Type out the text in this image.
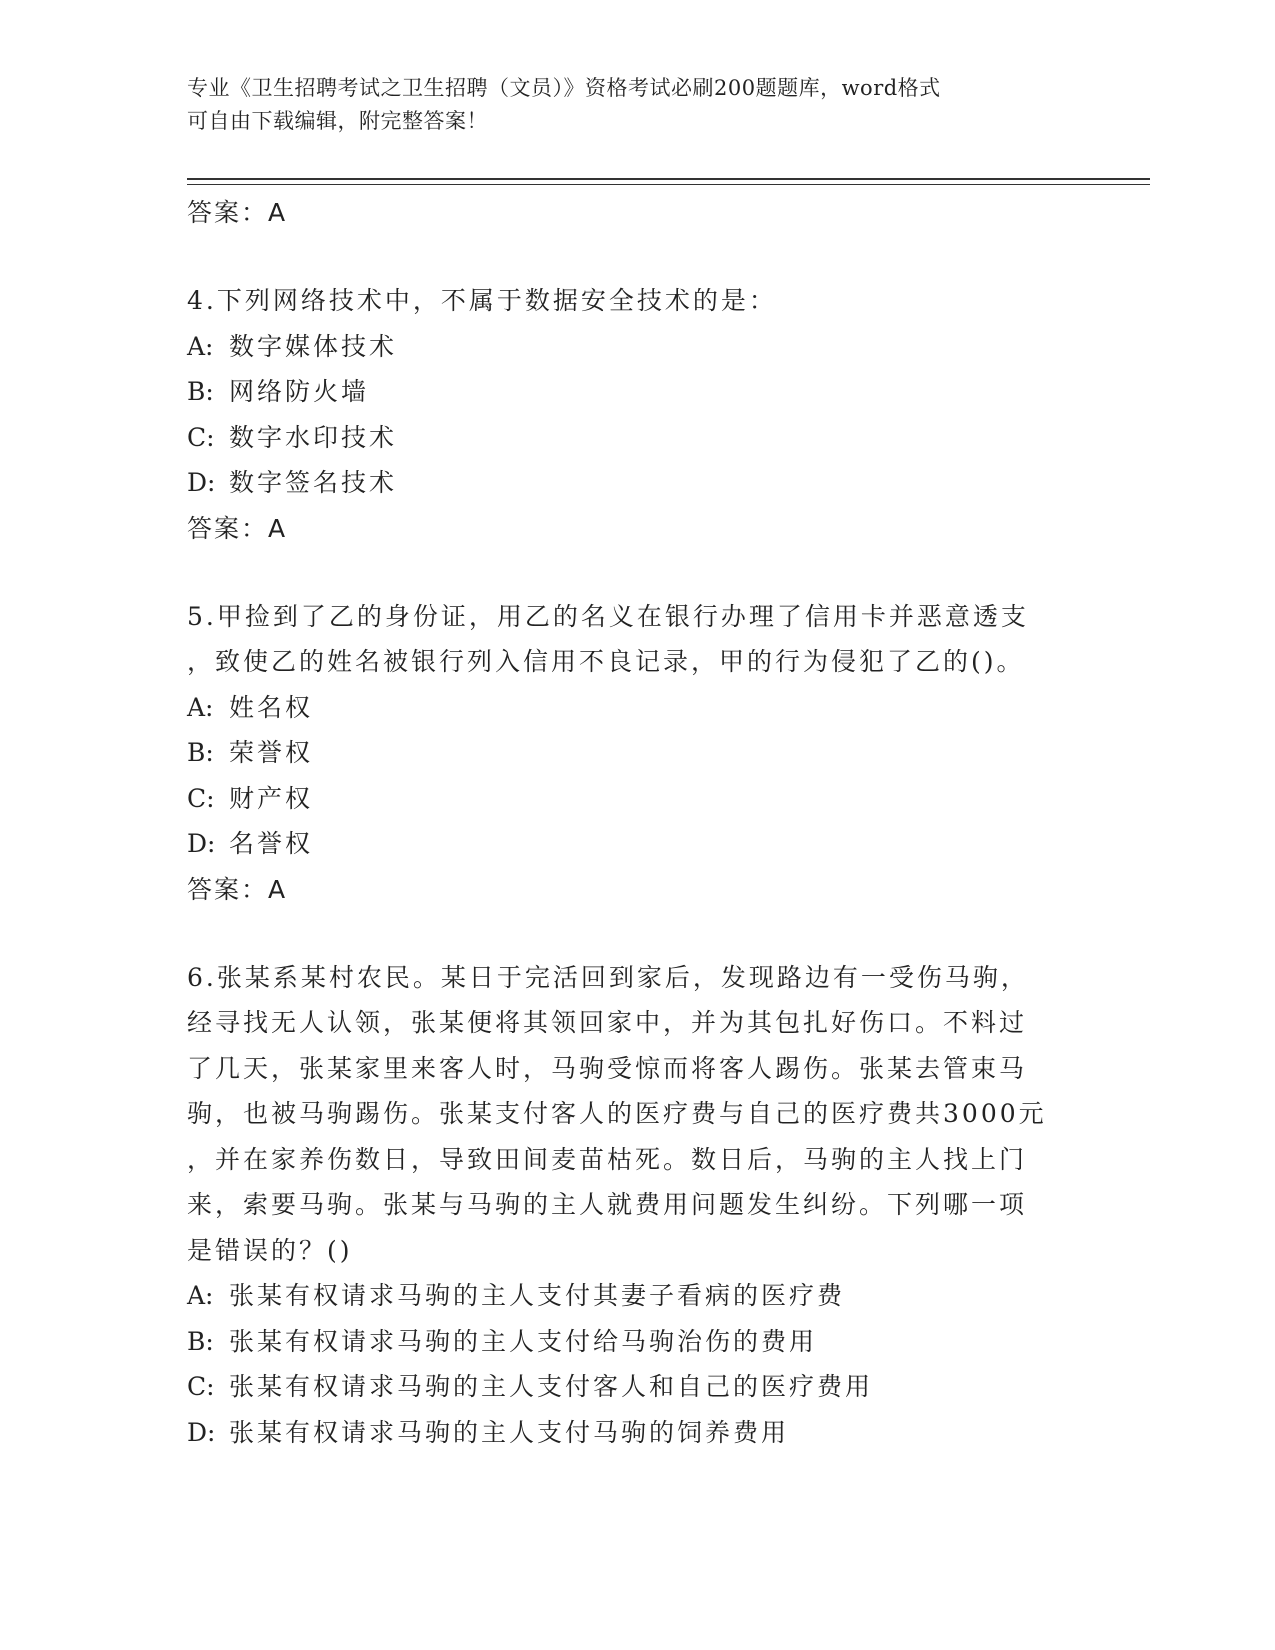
专业《卫生招聘考试之卫生招聘（文员）》资格考试必刷200题题库，word格式
可自由下载编辑，附完整答案！
答案：A
4.下列网络技术中，不属于数据安全技术的是：
A: 数字媒体技术
B: 网络防火墙
C: 数字水印技术
D: 数字签名技术
答案：A
5.甲捡到了乙的身份证，用乙的名义在银行办理了信用卡并恶意透支
，致使乙的姓名被银行列入信用不良记录，甲的行为侵犯了乙的()。
A: 姓名权
B: 荣誉权
C: 财产权
D: 名誉权
答案：A
6.张某系某村农民。某日于完活回到家后，发现路边有一受伤马驹，
经寻找无人认领，张某便将其领回家中，并为其包扎好伤口。不料过
了几天，张某家里来客人时，马驹受惊而将客人踢伤。张某去管束马
驹，也被马驹踢伤。张某支付客人的医疗费与自己的医疗费共3000元
，并在家养伤数日，导致田间麦苗枯死。数日后，马驹的主人找上门
来，索要马驹。张某与马驹的主人就费用问题发生纠纷。下列哪一项
是错误的？()
A: 张某有权请求马驹的主人支付其妻子看病的医疗费
B: 张某有权请求马驹的主人支付给马驹治伤的费用
C: 张某有权请求马驹的主人支付客人和自己的医疗费用
D: 张某有权请求马驹的主人支付马驹的饲养费用
